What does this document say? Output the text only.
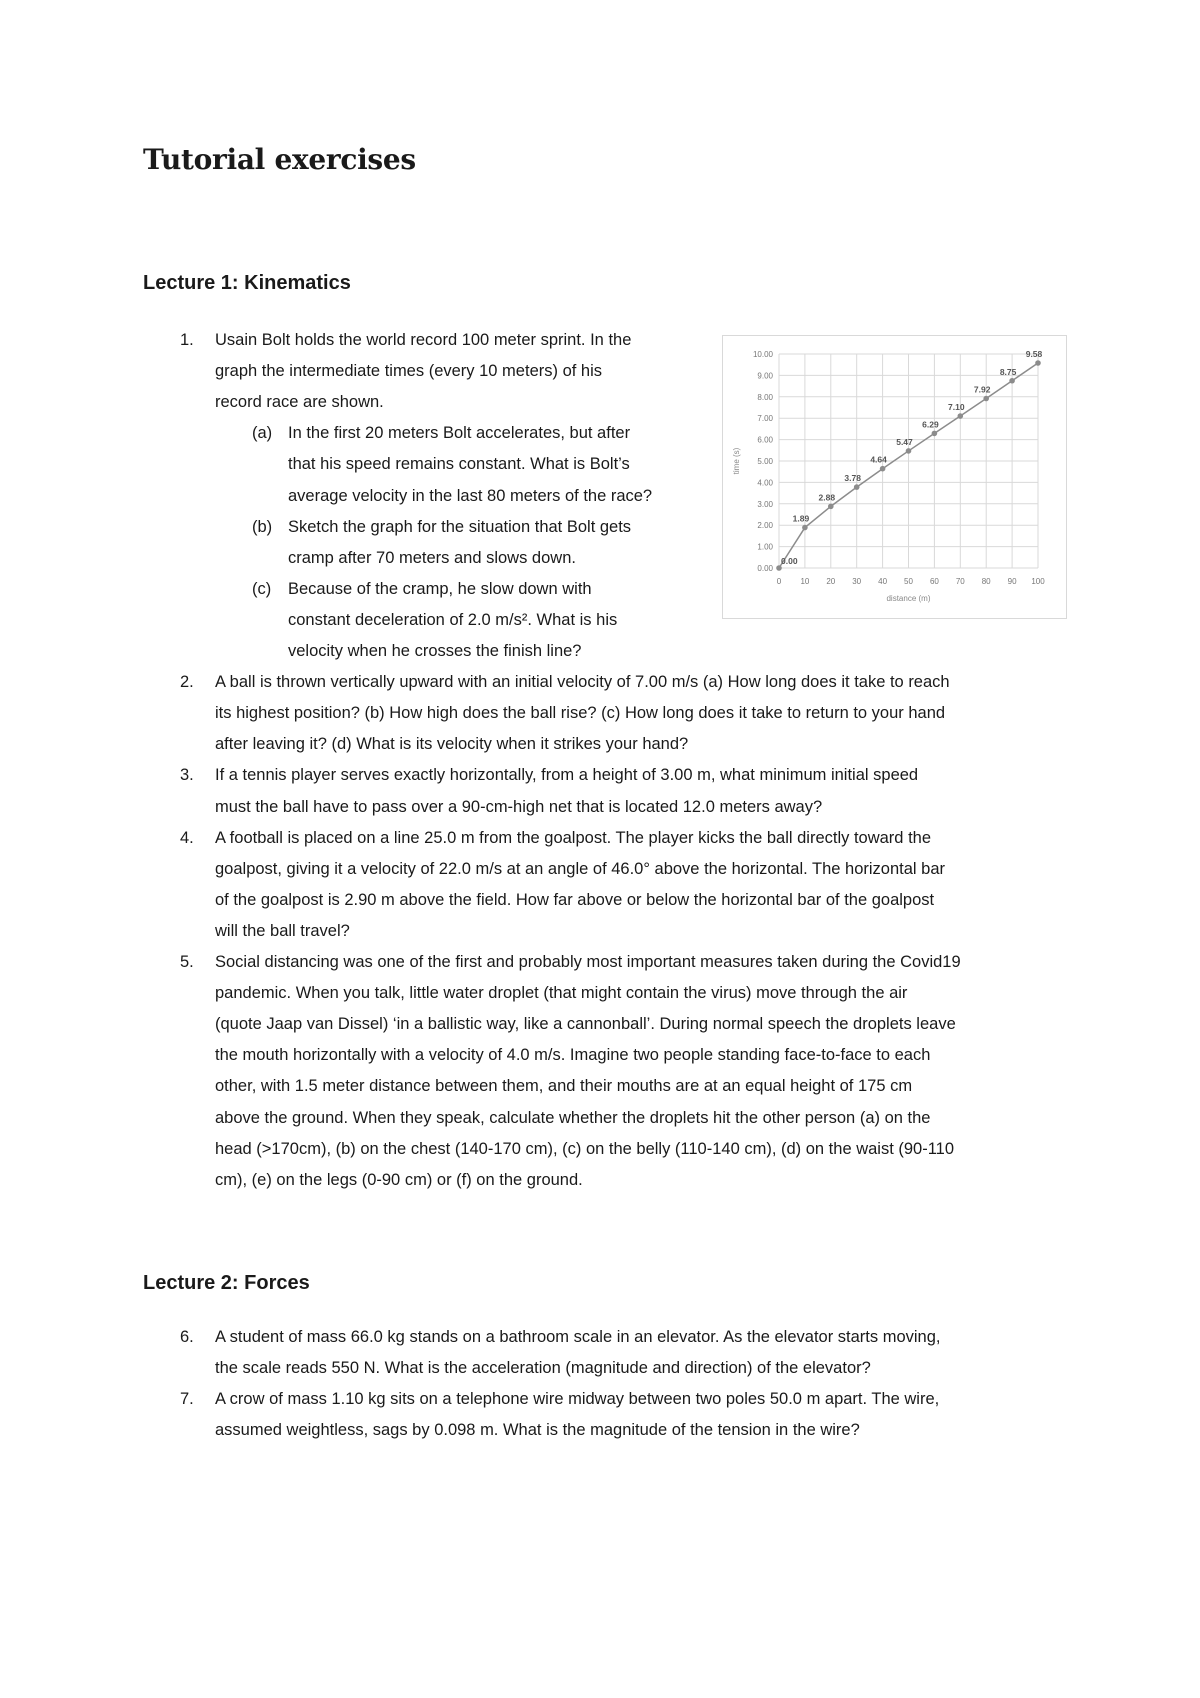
Tutorial exercises
Lecture 1: Kinematics
1. Usain Bolt holds the world record 100 meter sprint. In the
graph the intermediate times (every 10 meters) of his
record race are shown.
(a) In the first 20 meters Bolt accelerates, but after
that his speed remains constant. What is Bolt’s
average velocity in the last 80 meters of the race?
(b) Sketch the graph for the situation that Bolt gets
cramp after 70 meters and slows down.
(c) Because of the cramp, he slow down with
constant deceleration of 2.0 m/s². What is his
velocity when he crosses the finish line?
2. A ball is thrown vertically upward with an initial velocity of 7.00 m/s (a) How long does it take to reach
its highest position? (b) How high does the ball rise? (c) How long does it take to return to your hand
after leaving it? (d) What is its velocity when it strikes your hand?
3. If a tennis player serves exactly horizontally, from a height of 3.00 m, what minimum initial speed
must the ball have to pass over a 90-cm-high net that is located 12.0 meters away?
4. A football is placed on a line 25.0 m from the goalpost. The player kicks the ball directly toward the
goalpost, giving it a velocity of 22.0 m/s at an angle of 46.0° above the horizontal. The horizontal bar
of the goalpost is 2.90 m above the field. How far above or below the horizontal bar of the goalpost
will the ball travel?
5. Social distancing was one of the first and probably most important measures taken during the Covid19
pandemic. When you talk, little water droplet (that might contain the virus) move through the air
(quote Jaap van Dissel) ‘in a ballistic way, like a cannonball’. During normal speech the droplets leave
the mouth horizontally with a velocity of 4.0 m/s. Imagine two people standing face-to-face to each
other, with 1.5 meter distance between them, and their mouths are at an equal height of 175 cm
above the ground. When they speak, calculate whether the droplets hit the other person (a) on the
head (>170cm), (b) on the chest (140-170 cm), (c) on the belly (110-140 cm), (d) on the waist (90-110
cm), (e) on the legs (0-90 cm) or (f) on the ground.
Lecture 2: Forces
6. A student of mass 66.0 kg stands on a bathroom scale in an elevator. As the elevator starts moving,
the scale reads 550 N. What is the acceleration (magnitude and direction) of the elevator?
7. A crow of mass 1.10 kg sits on a telephone wire midway between two poles 50.0 m apart. The wire,
assumed weightless, sags by 0.098 m. What is the magnitude of the tension in the wire?
0.00
1.00
2.00
3.00
4.00
5.00
6.00
7.00
8.00
9.00
10.00
0 10 20 30 40 50 60 70 80 90 100
distance (m)
time (s)
0.00
1.89
2.88
3.78
4.64
5.47
6.29
7.10
7.92
8.75
9.58
